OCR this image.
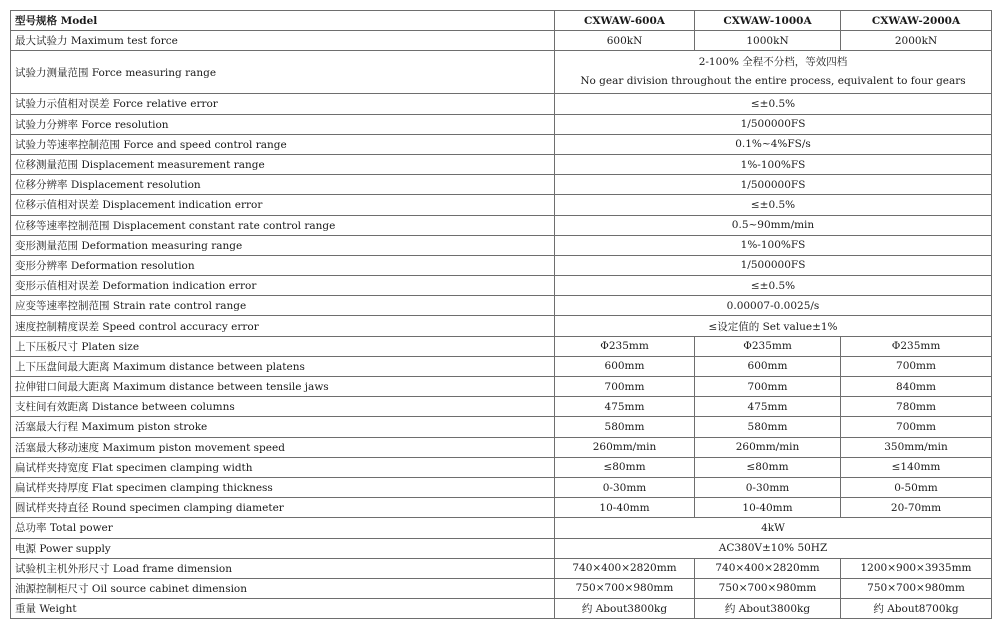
型号规格 Model	CXWAW-600A	CXWAW-1000A	CXWAW-2000A
最大试验力 Maximum test force	600kN	1000kN	2000kN
试验力测量范围 Force measuring range	2-100% 全程不分档，等效四档
No gear division throughout the entire process, equivalent to four gears		

试验力示值相对误差 Force relative error	≤±0.5%		
试验力分辨率 Force resolution	1/500000FS		
试验力等速率控制范围 Force and speed control range	0.1%~4%FS/s		
位移测量范围 Displacement measurement range	1%-100%FS		
位移分辨率 Displacement resolution	1/500000FS		
位移示值相对误差 Displacement indication error	≤±0.5%		
位移等速率控制范围 Displacement constant rate control range	0.5~90mm/min		
变形测量范围 Deformation measuring range	1%-100%FS		
变形分辨率 Deformation resolution	1/500000FS		
变形示值相对误差 Deformation indication error	≤±0.5%		
应变等速率控制范围 Strain rate control range	0.00007-0.0025/s		
速度控制精度误差 Speed control accuracy error	≤设定值的 Set value±1%		
上下压板尺寸 Platen size	Φ235mm	Φ235mm	Φ235mm
上下压盘间最大距离 Maximum distance between platens	600mm	600mm	700mm
拉伸钳口间最大距离 Maximum distance between tensile jaws	700mm	700mm	840mm
支柱间有效距离 Distance between columns	475mm	475mm	780mm
活塞最大行程 Maximum piston stroke	580mm	580mm	700mm
活塞最大移动速度 Maximum piston movement speed	260mm/min	260mm/min	350mm/min
扁试样夹持宽度 Flat specimen clamping width	≤80mm	≤80mm	≤140mm
扁试样夹持厚度 Flat specimen clamping thickness	0-30mm	0-30mm	0-50mm
圆试样夹持直径 Round specimen clamping diameter	10-40mm	10-40mm	20-70mm
总功率 Total power	4kW		
电源 Power supply	AC380V±10% 50HZ		
试验机主机外形尺寸 Load frame dimension	740×400×2820mm	740×400×2820mm	1200×900×3935mm
油源控制柜尺寸 Oil source cabinet dimension	750×700×980mm	750×700×980mm	750×700×980mm
重量 Weight	约 About3800kg	约 About3800kg	约 About8700kg
